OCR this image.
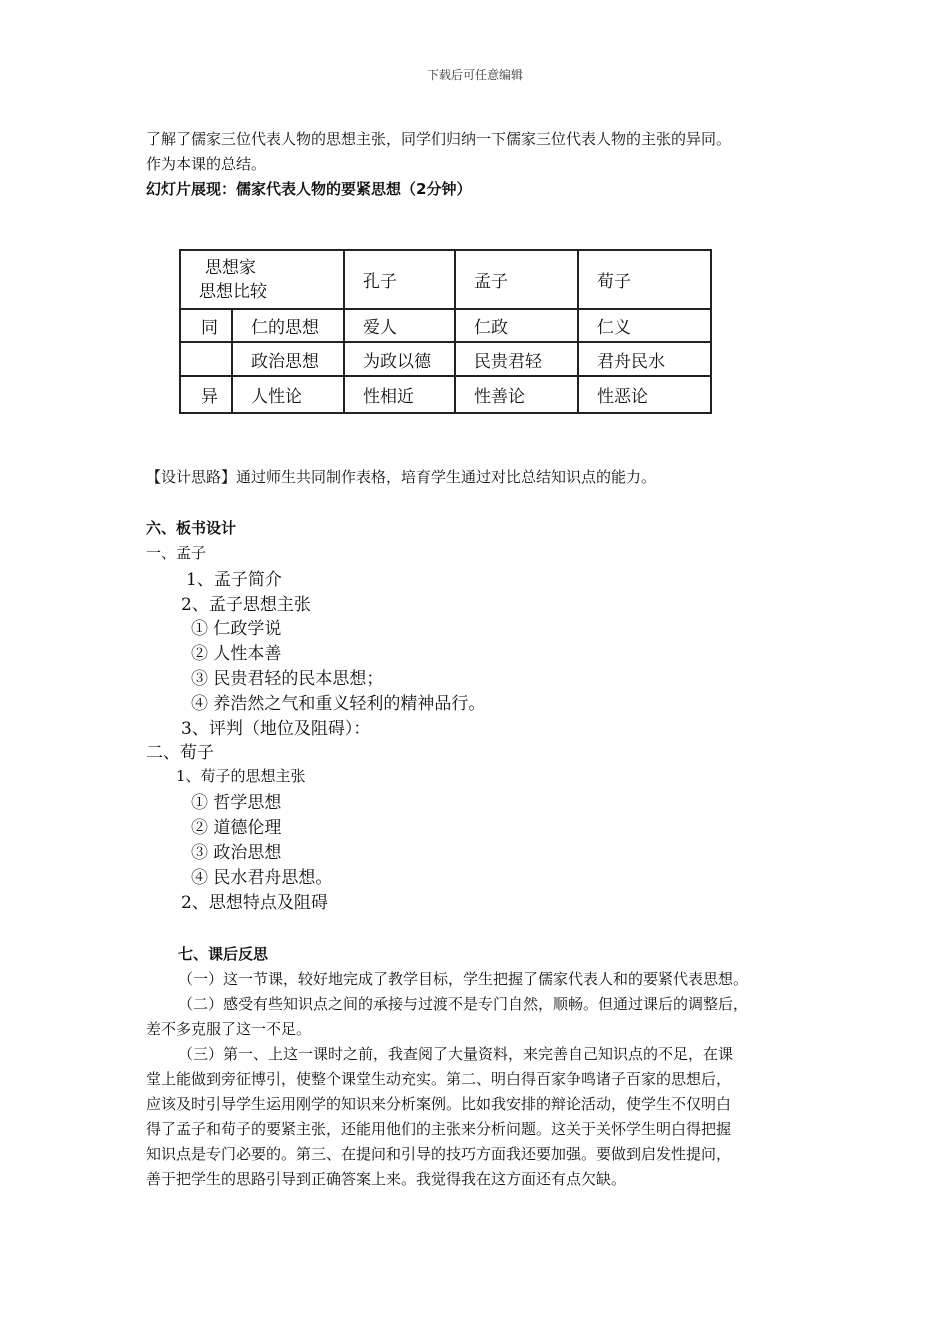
下载后可任意编辑
了解了儒家三位代表人物的思想主张，同学们归纳一下儒家三位代表人物的主张的异同。
作为本课的总结。
幻灯片展现：儒家代表人物的要紧思想（2分钟）
思想家
思想比较		孔子	孟子	荀子
同	仁的思想	爱人	仁政	仁义
	政治思想	为政以德	民贵君轻	君舟民水
异	人性论	性相近	性善论	性恶论
【设计思路】通过师生共同制作表格，培育学生通过对比总结知识点的能力。
六、板书设计
一、孟子
1、孟子简介
2、孟子思想主张
① 仁政学说
② 人性本善
③ 民贵君轻的民本思想；
④ 养浩然之气和重义轻利的精神品行。
3、评判（地位及阻碍）：
二、荀子
1、荀子的思想主张
① 哲学思想
② 道德伦理
③ 政治思想
④ 民水君舟思想。
2、思想特点及阻碍
七、课后反思
（一）这一节课，较好地完成了教学目标，学生把握了儒家代表人和的要紧代表思想。
（二）感受有些知识点之间的承接与过渡不是专门自然，顺畅。但通过课后的调整后，
差不多克服了这一不足。
（三）第一、上这一课时之前，我查阅了大量资料，来完善自己知识点的不足，在课
堂上能做到旁征博引，使整个课堂生动充实。第二、明白得百家争鸣诸子百家的思想后，
应该及时引导学生运用刚学的知识来分析案例。比如我安排的辩论活动，使学生不仅明白
得了孟子和荀子的要紧主张，还能用他们的主张来分析问题。这关于关怀学生明白得把握
知识点是专门必要的。第三、在提问和引导的技巧方面我还要加强。要做到启发性提问，
善于把学生的思路引导到正确答案上来。我觉得我在这方面还有点欠缺。
